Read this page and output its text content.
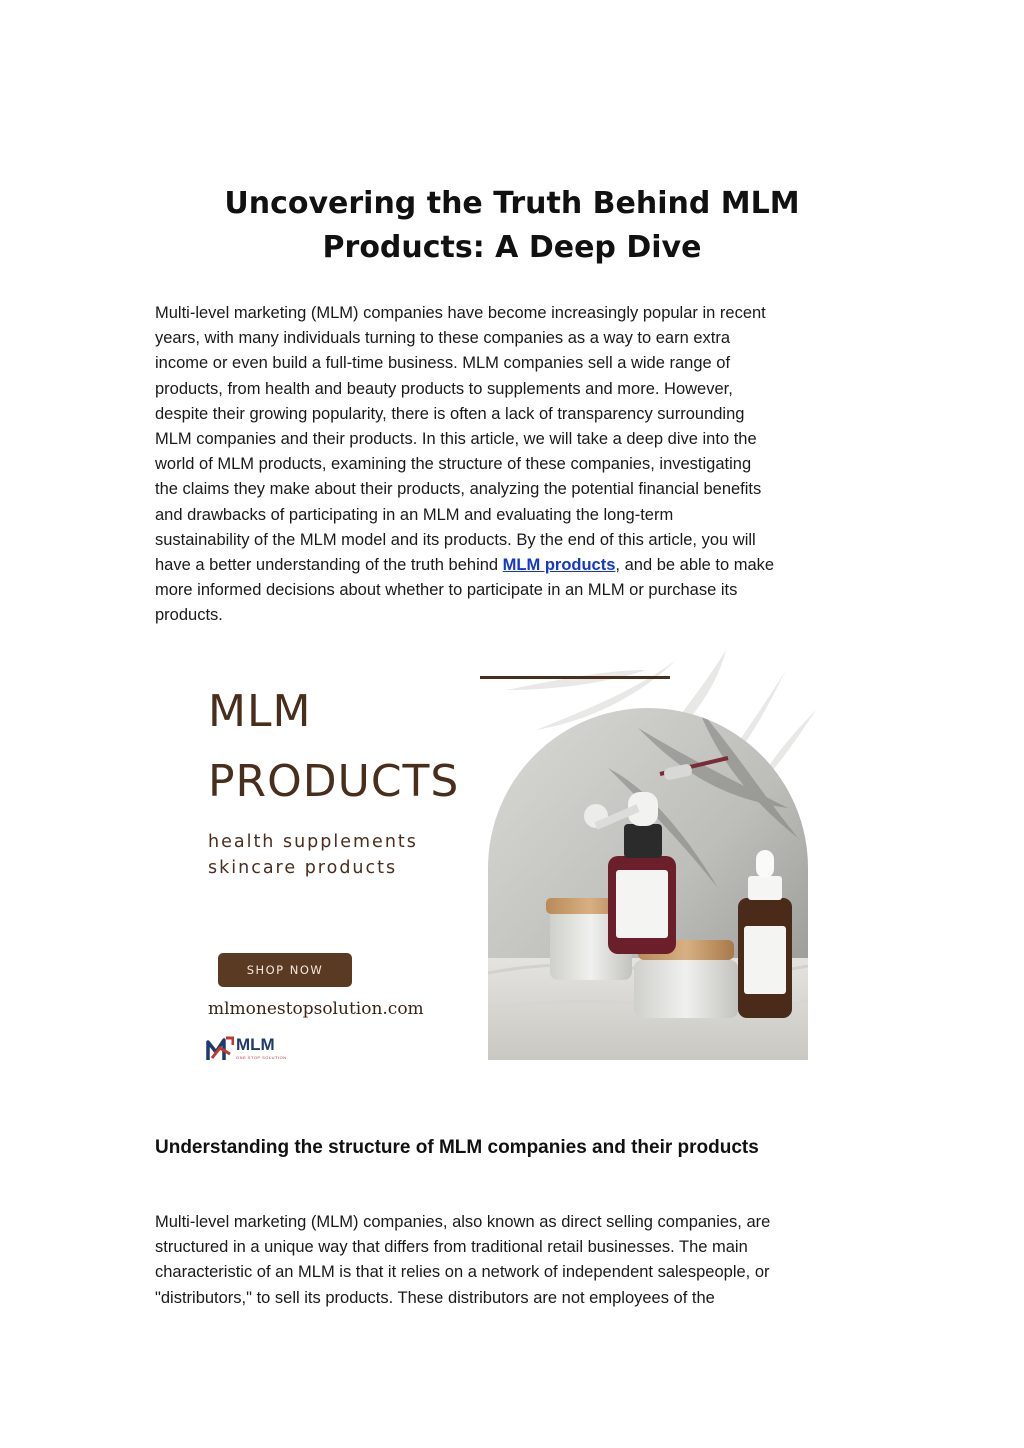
Uncovering the Truth Behind MLM
Products: A Deep Dive

Multi-level marketing (MLM) companies have become increasingly popular in recent
years, with many individuals turning to these companies as a way to earn extra
income or even build a full-time business. MLM companies sell a wide range of
products, from health and beauty products to supplements and more. However,
despite their growing popularity, there is often a lack of transparency surrounding
MLM companies and their products. In this article, we will take a deep dive into the
world of MLM products, examining the structure of these companies, investigating
the claims they make about their products, analyzing the potential financial benefits
and drawbacks of participating in an MLM and evaluating the long-term
sustainability of the MLM model and its products. By the end of this article, you will
have a better understanding of the truth behind MLM products, and be able to make
more informed decisions about whether to participate in an MLM or purchase its
products.

MLM
PRODUCTS

health supplements

skincare products

SHOP NOW

mlmonestopsolution.com

MLM
ONE STOP SOLUTION
Understanding the structure of MLM companies and their products

Multi-level marketing (MLM) companies, also known as direct selling companies, are
structured in a unique way that differs from traditional retail businesses. The main
characteristic of an MLM is that it relies on a network of independent salespeople, or
"distributors," to sell its products. These distributors are not employees of the
